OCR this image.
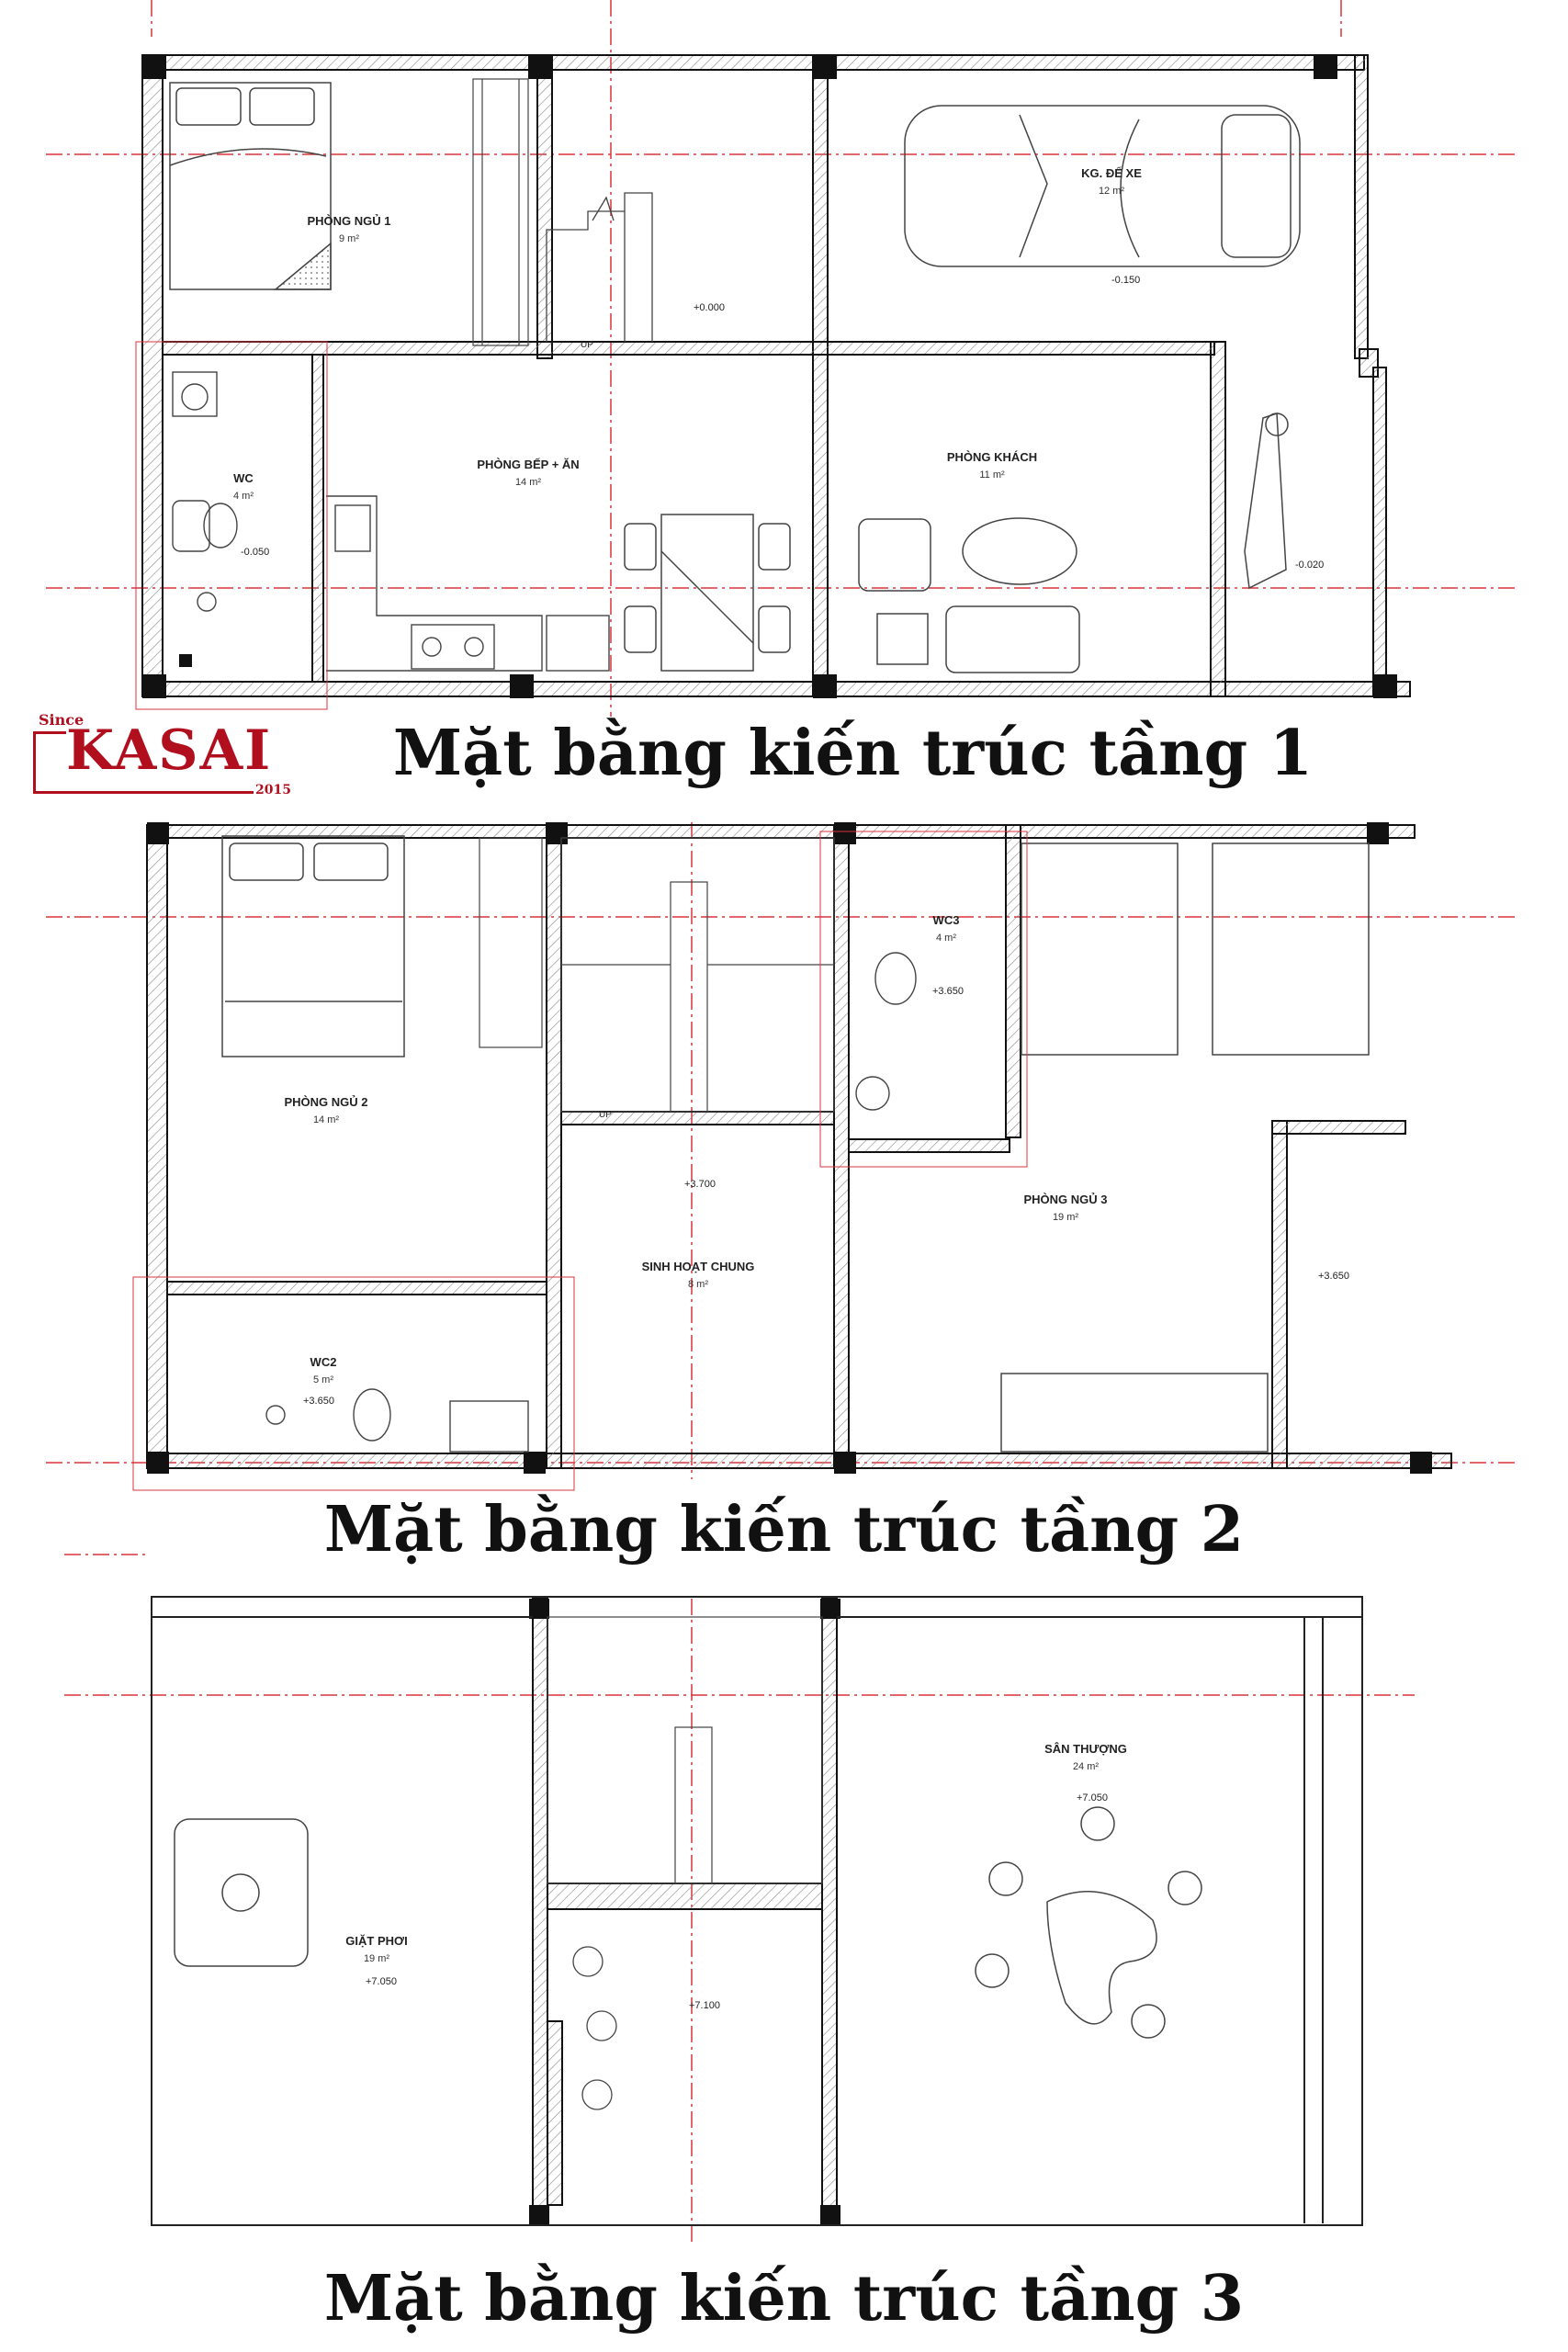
PHÒNG NGỦ 1
9 m²
KG. ĐỂ XE
12 m²
WC
4 m²
PHÒNG BẾP + ĂN
14 m²
PHÒNG KHÁCH
11 m²
+0.000
-0.150
-0.050
-0.020
UP
PHÒNG NGỦ 2
14 m²
WC3
4 m²
SINH HOẠT CHUNG
8 m²
PHÒNG NGỦ 3
19 m²
WC2
5 m²
+3.650
+3.700
+3.650
+3.650
UP
GIẶT PHƠI
19 m²
SÂN THƯỢNG
24 m²
+7.050
+7.050
+7.100
Since
KASAI
2015	Mặt bằng kiến trúc tầng 1
Mặt bằng kiến trúc tầng 2
Mặt bằng kiến trúc tầng 3
